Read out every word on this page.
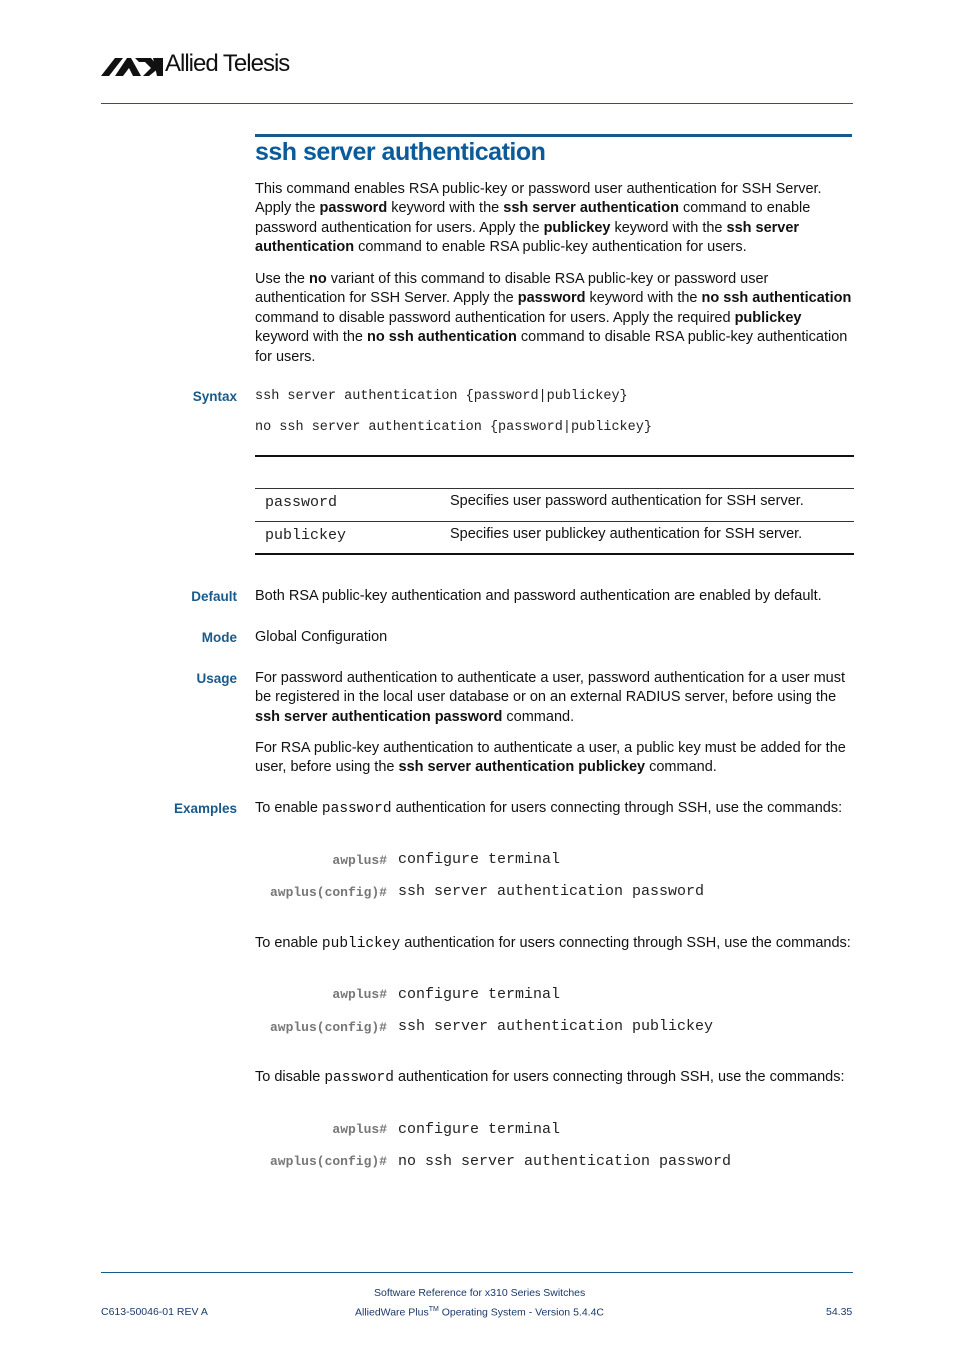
Allied Telesis
ssh server authentication
This command enables RSA public-key or password user authentication for SSH Server. Apply the password keyword with the ssh server authentication command to enable password authentication for users. Apply the publickey keyword with the ssh server authentication command to enable RSA public-key authentication for users.
Use the no variant of this command to disable RSA public-key or password user authentication for SSH Server. Apply the password keyword with the no ssh authentication command to disable password authentication for users. Apply the required publickey keyword with the no ssh authentication command to disable RSA public-key authentication for users.
Syntax ssh server authentication {password|publickey}
no ssh server authentication {password|publickey}
password	Specifies user password authentication for SSH server.
publickey	Specifies user publickey authentication for SSH server.
Default Both RSA public-key authentication and password authentication are enabled by default.
Mode Global Configuration
Usage For password authentication to authenticate a user, password authentication for a user must be registered in the local user database or on an external RADIUS server, before using the ssh server authentication password command.
For RSA public-key authentication to authenticate a user, a public key must be added for the user, before using the ssh server authentication publickey command.
Examples To enable password authentication for users connecting through SSH, use the commands:
awplus# configure terminal
awplus(config)# ssh server authentication password
To enable publickey authentication for users connecting through SSH, use the commands:
awplus# configure terminal
awplus(config)# ssh server authentication publickey
To disable password authentication for users connecting through SSH, use the commands:
awplus# configure terminal
awplus(config)# no ssh server authentication password
Software Reference for x310 Series Switches
C613-50046-01 REV A	AlliedWare Plus™ Operating System - Version 5.4.4C	54.35
